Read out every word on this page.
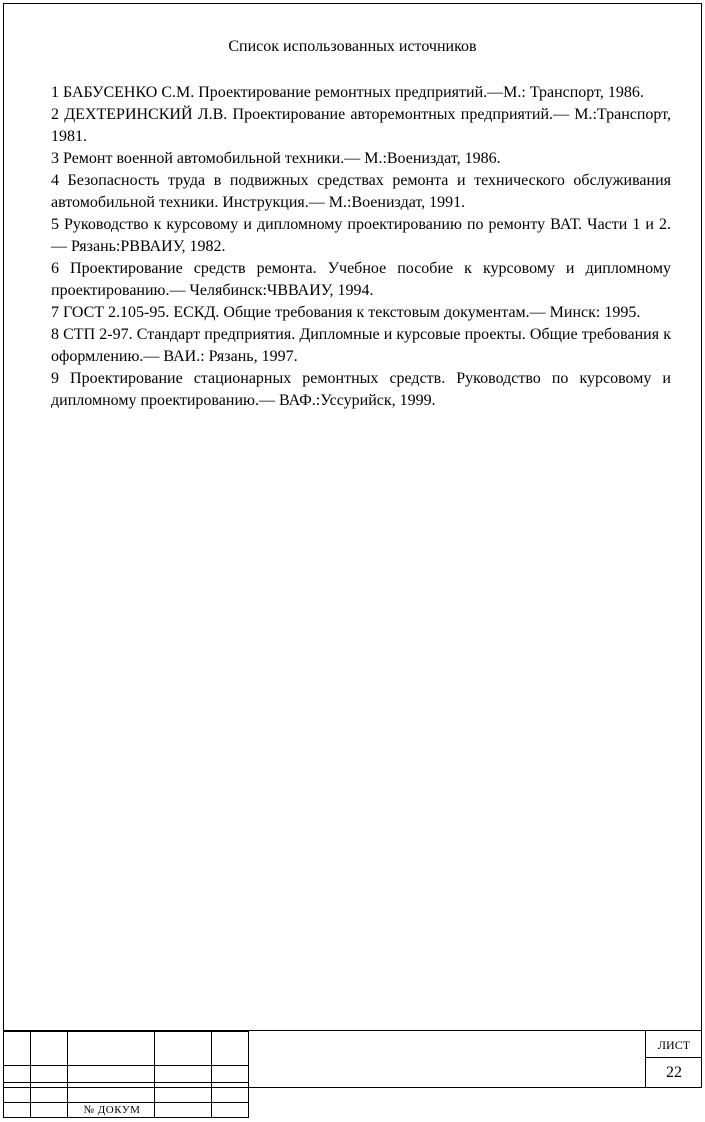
Список использованных источников
1 БАБУСЕНКО С.М. Проектирование ремонтных предприятий.—М.: Транспорт, 1986.
2 ДЕХТЕРИНСКИЙ Л.В. Проектирование авторемонтных предприятий.— М.:Транспорт, 1981.
3 Ремонт военной автомобильной техники.— М.:Воениздат, 1986.
4 Безопасность труда в подвижных средствах ремонта и технического обслуживания автомобильной техники. Инструкция.— М.:Воениздат, 1991.
5 Руководство к курсовому и дипломному проектированию по ремонту ВАТ. Части 1 и 2.— Рязань:РВВАИУ, 1982.
6 Проектирование средств ремонта. Учебное пособие к курсовому и дипломному проектированию.— Челябинск:ЧВВАИУ, 1994.
7 ГОСТ 2.105-95. ЕСКД. Общие требования к текстовым документам.— Минск: 1995.
8 СТП 2-97. Стандарт предприятия. Дипломные и курсовые проекты. Общие требования к оформлению.— ВАИ.: Рязань, 1997.
9 Проектирование стационарных ремонтных средств. Руководство по курсовому и дипломному проектированию.— ВАФ.:Уссурийск, 1999.
№ ДОКУМ
ЛИСТ
22
